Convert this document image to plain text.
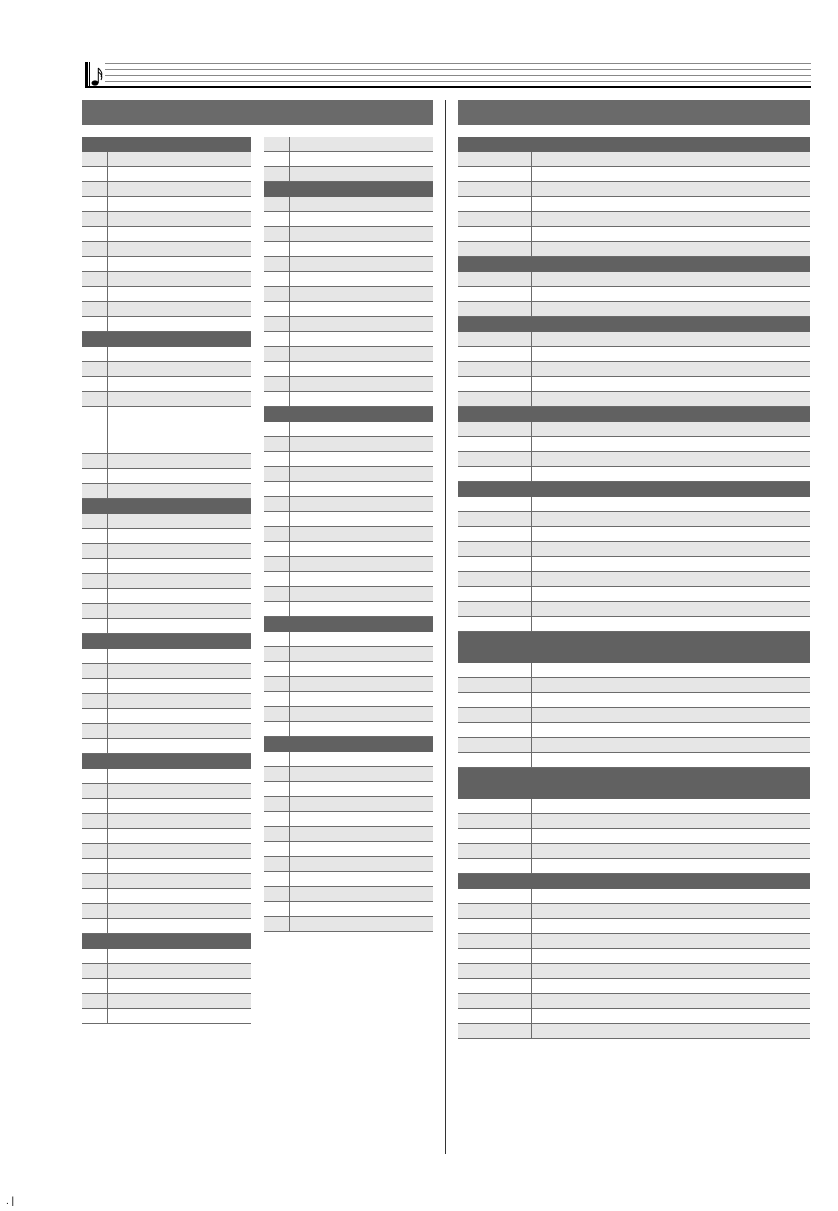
. |
